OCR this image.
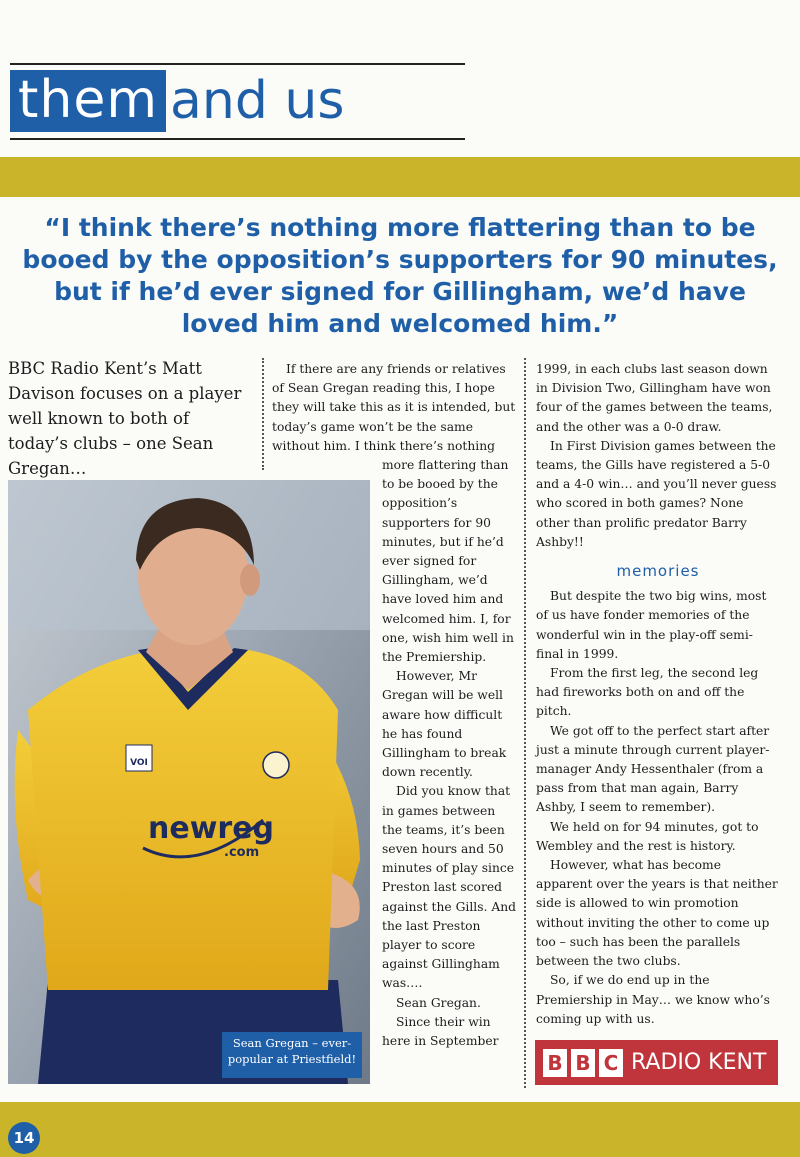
them and us
“I think there’s nothing more flattering than to be booed by the opposition’s supporters for 90 minutes, but if he’d ever signed for Gillingham, we’d have loved him and welcomed him.”
BBC Radio Kent’s Matt Davison focuses on a player well known to both of today’s clubs – one Sean Gregan…

If there are any friends or relatives of Sean Gregan reading this, I hope they will take this as it is intended, but today’s game won’t be the same without him. I think there’s nothing

more flattering than to be booed by the opposition’s supporters for 90 minutes, but if he’d ever signed for Gillingham, we’d have loved him and welcomed him. I, for one, wish him well in the Premiership.

However, Mr Gregan will be well aware how difficult he has found Gillingham to break down recently.

Did you know that in games between the teams, it’s been seven hours and 50 minutes of play since Preston last scored against the Gills. And the last Preston player to score against Gillingham was….

Sean Gregan.

Since their win here in September

1999, in each clubs last season down in Division Two, Gillingham have won four of the games between the teams, and the other was a 0-0 draw.

In First Division games between the teams, the Gills have registered a 5-0 and a 4-0 win… and you’ll never guess who scored in both games? None other than prolific predator Barry Ashby!!

memories

But despite the two big wins, most of us have fonder memories of the wonderful win in the play-off semi-final in 1999.

From the first leg, the second leg had fireworks both on and off the pitch.

We got off to the perfect start after just a minute through current player-manager Andy Hessenthaler (from a pass from that man again, Barry Ashby, I seem to remember).

We held on for 94 minutes, got to Wembley and the rest is history.

However, what has become apparent over the years is that neither side is allowed to win promotion without inviting the other to come up too – such has been the parallels between the two clubs.

So, if we do end up in the Premiership in May… we know who’s coming up with us.

VOI
newreg
.com
Sean Gregan – ever-popular at Priestfield!	B B C RADIO KENT
14
